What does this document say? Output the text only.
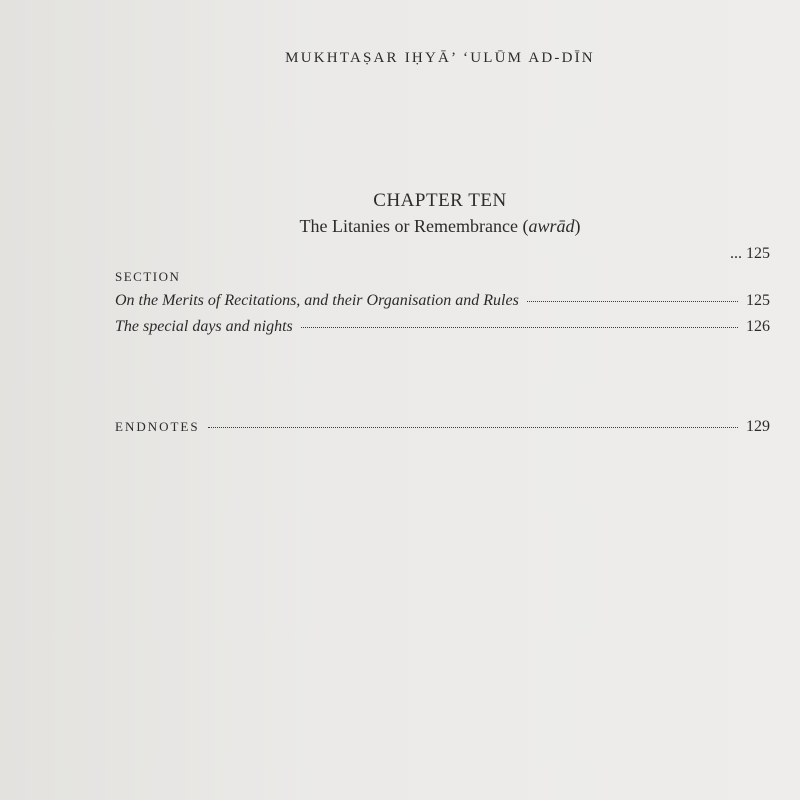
MUKHTAṢAR IḤYĀ’ ‘ULŪM AD-DĪN
CHAPTER TEN
The Litanies or Remembrance (awrād)
... 125
SECTION
On the Merits of Recitations, and their Organisation and Rules	125
The special days and nights	126
ENDNOTES	129
